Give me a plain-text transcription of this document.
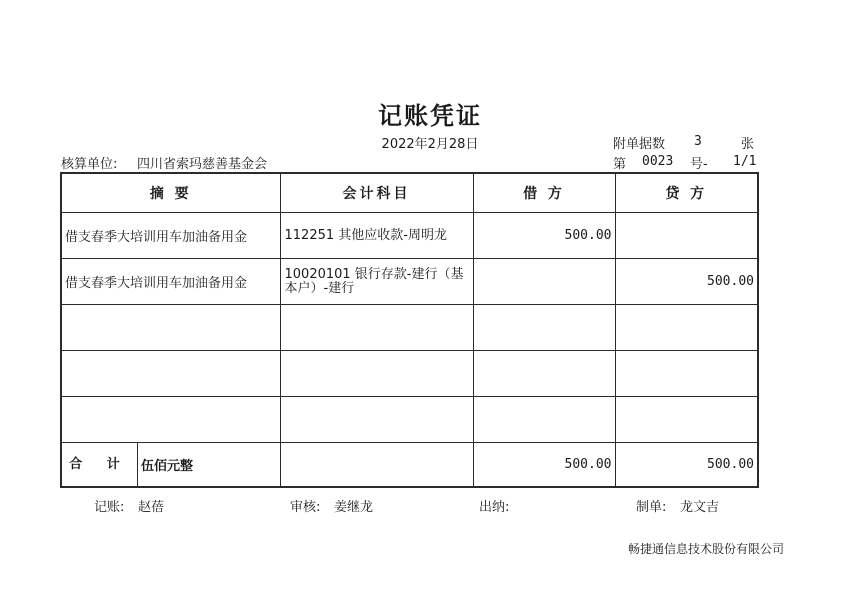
记账凭证
2022年2月28日	附单据数 3	张
核算单位: 四川省索玛慈善基金会	第 0023 号- 1/1
摘 要	会计科目	借 方	贷 方
借支春季大培训用车加油备用金	112251 其他应收款-周明龙	500.00	
借支春季大培训用车加油备用金	10020101 银行存款-建行（基本户）-建行		500.00

合 计 伍佰元整		500.00	500.00
记账: 赵蓓	审核: 姜继龙	出纳:	制单: 龙文吉
畅捷通信息技术股份有限公司
